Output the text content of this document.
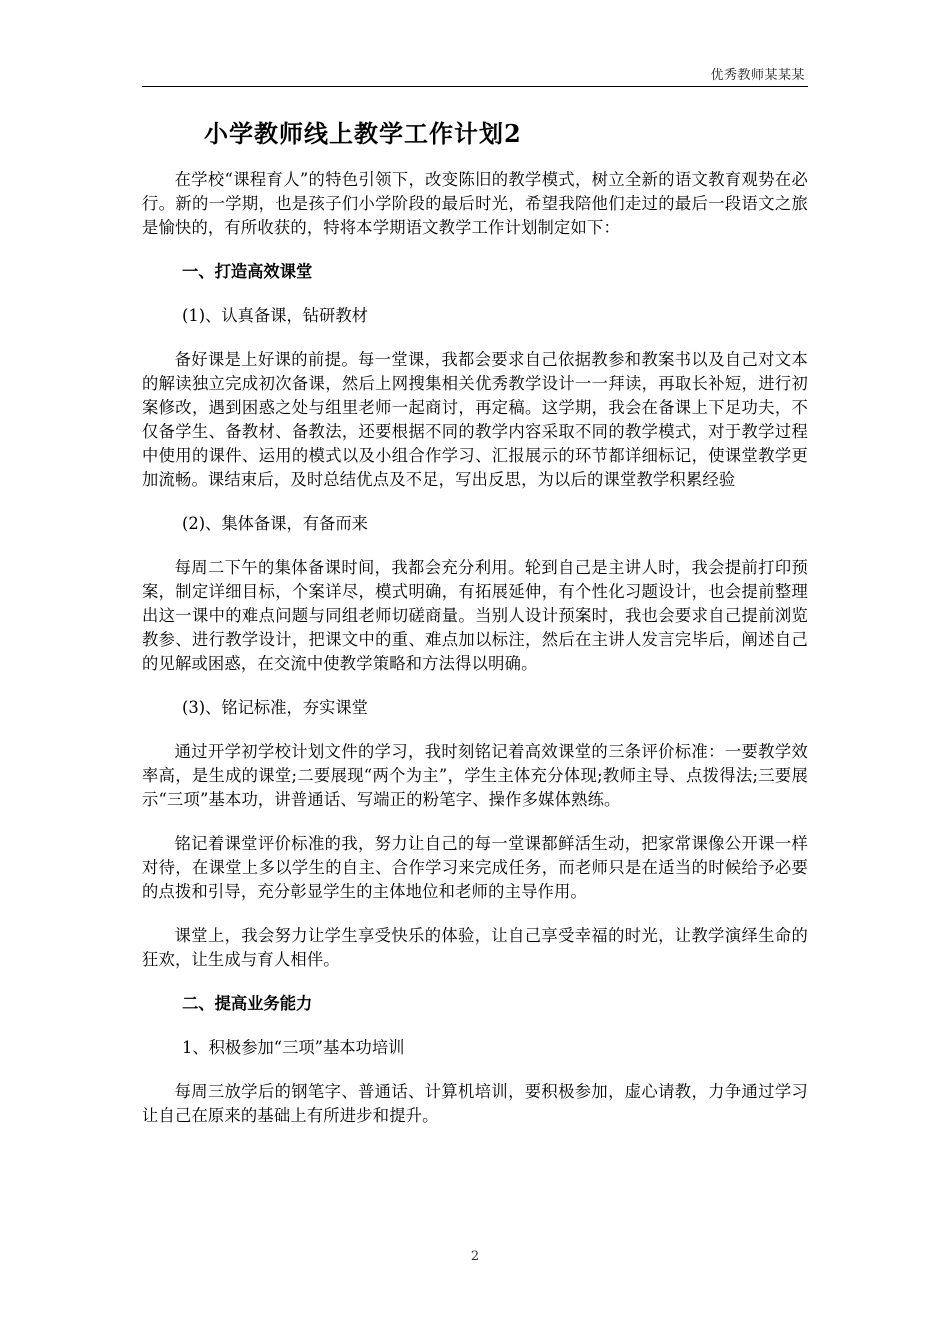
优秀教师某某某
小学教师线上教学工作计划2

在学校“课程育人”的特色引领下，改变陈旧的教学模式，树立全新的语文教育观势在必行。新的一学期，也是孩子们小学阶段的最后时光，希望我陪他们走过的最后一段语文之旅是愉快的，有所收获的，特将本学期语文教学工作计划制定如下：

一、打造高效课堂
(1)、认真备课，钻研教材

备好课是上好课的前提。每一堂课，我都会要求自己依据教参和教案书以及自己对文本的解读独立完成初次备课，然后上网搜集相关优秀教学设计一一拜读，再取长补短，进行初案修改，遇到困惑之处与组里老师一起商讨，再定稿。这学期，我会在备课上下足功夫，不仅备学生、备教材、备教法，还要根据不同的教学内容采取不同的教学模式，对于教学过程中使用的课件、运用的模式以及小组合作学习、汇报展示的环节都详细标记，使课堂教学更加流畅。课结束后，及时总结优点及不足，写出反思，为以后的课堂教学积累经验

(2)、集体备课，有备而来

每周二下午的集体备课时间，我都会充分利用。轮到自己是主讲人时，我会提前打印预案，制定详细目标，个案详尽，模式明确，有拓展延伸，有个性化习题设计，也会提前整理出这一课中的难点问题与同组老师切磋商量。当别人设计预案时，我也会要求自己提前浏览教参、进行教学设计，把课文中的重、难点加以标注，然后在主讲人发言完毕后，阐述自己的见解或困惑，在交流中使教学策略和方法得以明确。

(3)、铭记标准，夯实课堂

通过开学初学校计划文件的学习，我时刻铭记着高效课堂的三条评价标准：一要教学效率高，是生成的课堂;二要展现“两个为主”，学生主体充分体现;教师主导、点拨得法;三要展示“三项”基本功，讲普通话、写端正的粉笔字、操作多媒体熟练。

铭记着课堂评价标准的我，努力让自己的每一堂课都鲜活生动，把家常课像公开课一样对待，在课堂上多以学生的自主、合作学习来完成任务，而老师只是在适当的时候给予必要的点拨和引导，充分彰显学生的主体地位和老师的主导作用。

课堂上，我会努力让学生享受快乐的体验，让自己享受幸福的时光，让教学演绎生命的狂欢，让生成与育人相伴。

二、提高业务能力
1、积极参加“三项”基本功培训

每周三放学后的钢笔字、普通话、计算机培训，要积极参加，虚心请教，力争通过学习让自己在原来的基础上有所进步和提升。

2
